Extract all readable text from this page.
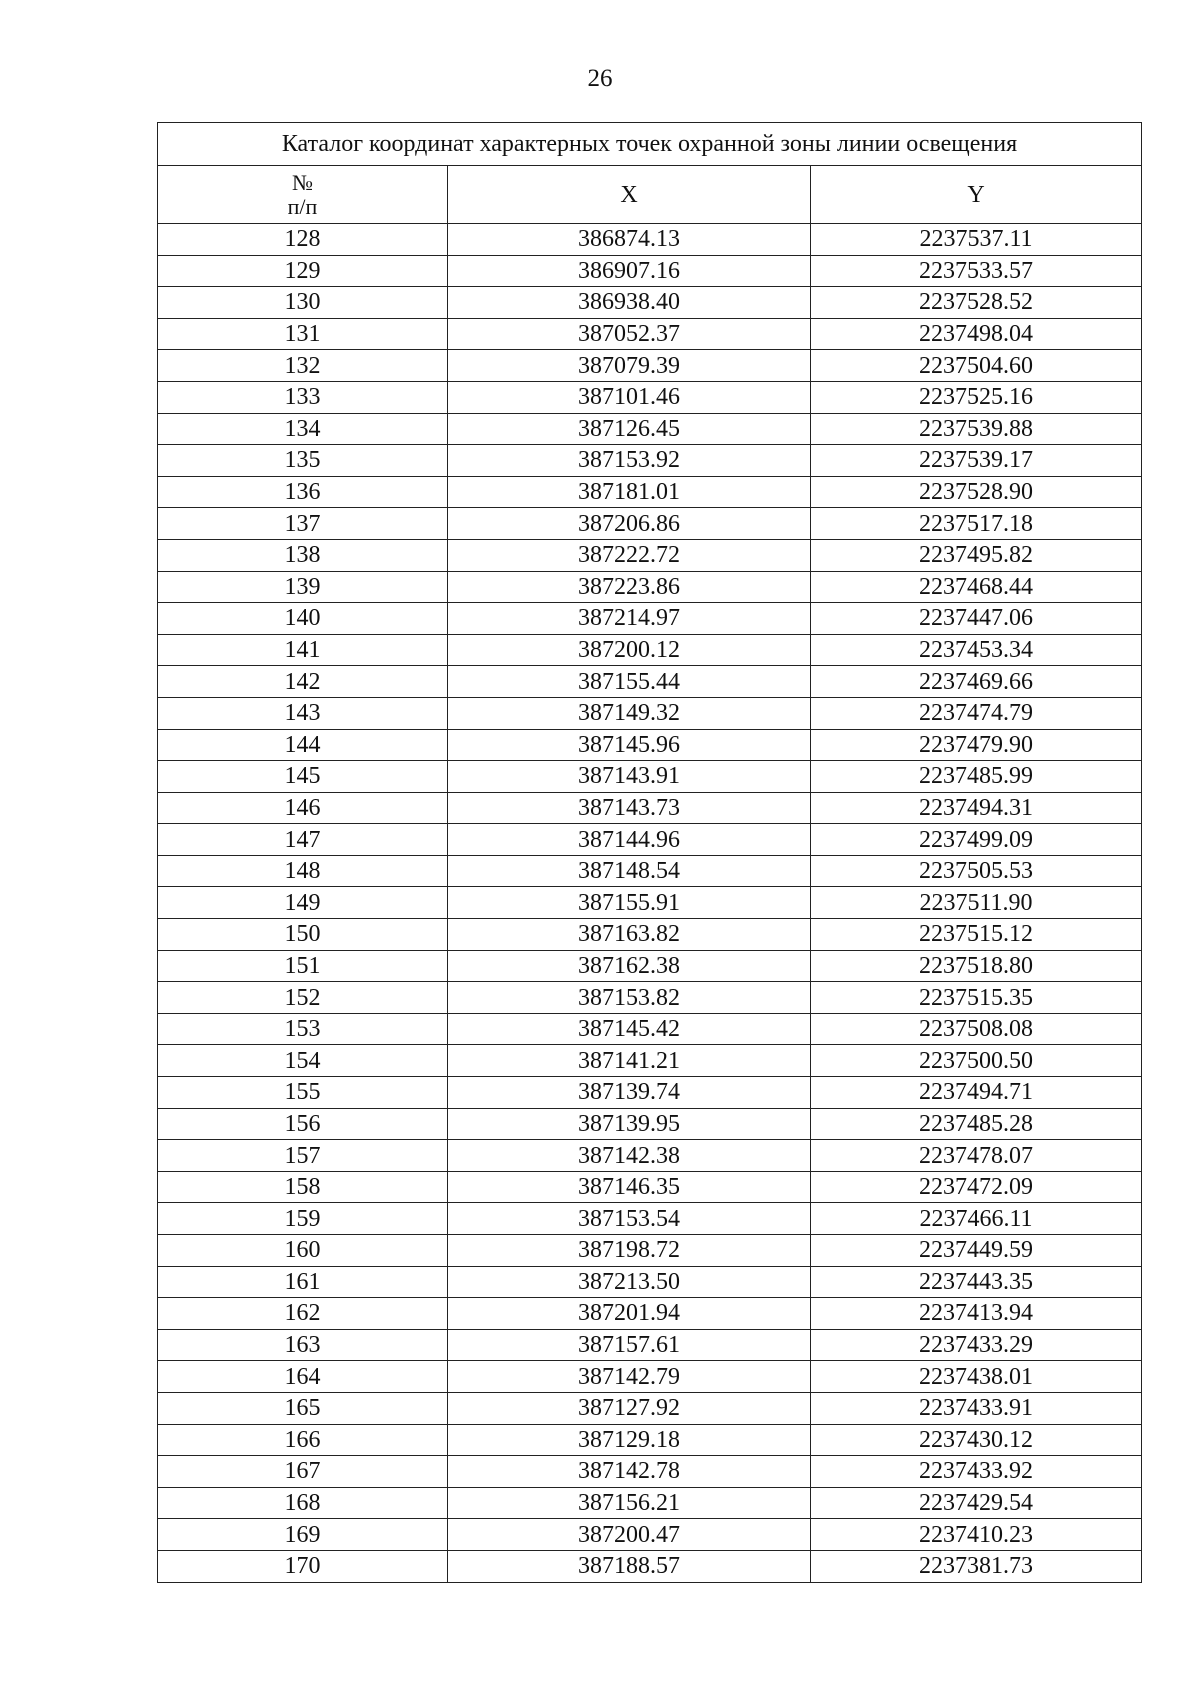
26
Каталог координат характерных точек охранной зоны линии освещения		
№
п/п	X	Y
128	386874.13	2237537.11
129	386907.16	2237533.57
130	386938.40	2237528.52
131	387052.37	2237498.04
132	387079.39	2237504.60
133	387101.46	2237525.16
134	387126.45	2237539.88
135	387153.92	2237539.17
136	387181.01	2237528.90
137	387206.86	2237517.18
138	387222.72	2237495.82
139	387223.86	2237468.44
140	387214.97	2237447.06
141	387200.12	2237453.34
142	387155.44	2237469.66
143	387149.32	2237474.79
144	387145.96	2237479.90
145	387143.91	2237485.99
146	387143.73	2237494.31
147	387144.96	2237499.09
148	387148.54	2237505.53
149	387155.91	2237511.90
150	387163.82	2237515.12
151	387162.38	2237518.80
152	387153.82	2237515.35
153	387145.42	2237508.08
154	387141.21	2237500.50
155	387139.74	2237494.71
156	387139.95	2237485.28
157	387142.38	2237478.07
158	387146.35	2237472.09
159	387153.54	2237466.11
160	387198.72	2237449.59
161	387213.50	2237443.35
162	387201.94	2237413.94
163	387157.61	2237433.29
164	387142.79	2237438.01
165	387127.92	2237433.91
166	387129.18	2237430.12
167	387142.78	2237433.92
168	387156.21	2237429.54
169	387200.47	2237410.23
170	387188.57	2237381.73
